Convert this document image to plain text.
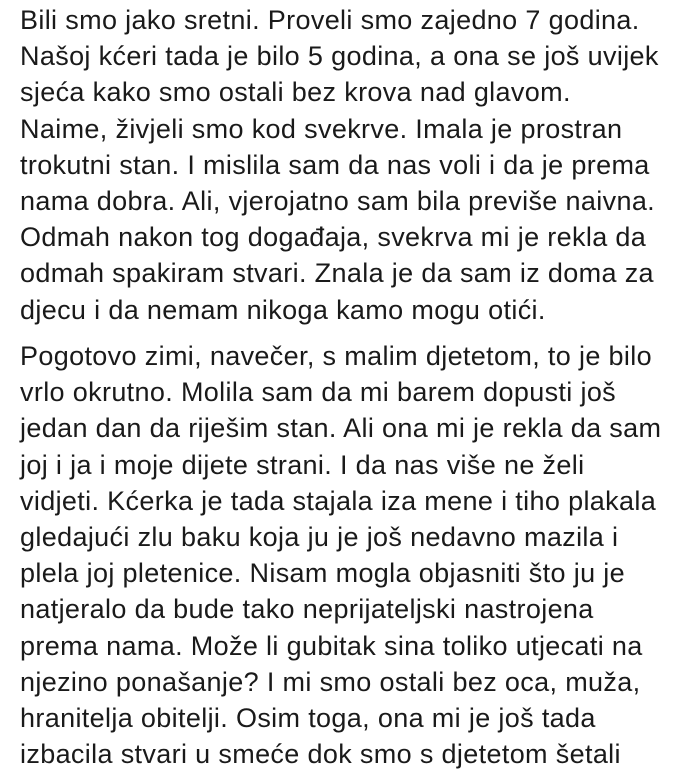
Bili smo jako sretni. Proveli smo zajedno 7 godina.
Našoj kćeri tada je bilo 5 godina, a ona se još uvijek
sjeća kako smo ostali bez krova nad glavom.
Naime, živjeli smo kod svekrve. Imala je prostran
trokutni stan. I mislila sam da nas voli i da je prema
nama dobra. Ali, vjerojatno sam bila previše naivna.
Odmah nakon tog događaja, svekrva mi je rekla da
odmah spakiram stvari. Znala je da sam iz doma za
djecu i da nemam nikoga kamo mogu otići.
Pogotovo zimi, navečer, s malim djetetom, to je bilo
vrlo okrutno. Molila sam da mi barem dopusti još
jedan dan da riješim stan. Ali ona mi je rekla da sam
joj i ja i moje dijete strani. I da nas više ne želi
vidjeti. Kćerka je tada stajala iza mene i tiho plakala
gledajući zlu baku koja ju je još nedavno mazila i
plela joj pletenice. Nisam mogla objasniti što ju je
natjeralo da bude tako neprijateljski nastrojena
prema nama. Može li gubitak sina toliko utjecati na
njezino ponašanje? I mi smo ostali bez oca, muža,
hranitelja obitelji. Osim toga, ona mi je još tada
izbacila stvari u smeće dok smo s djetetom šetali
